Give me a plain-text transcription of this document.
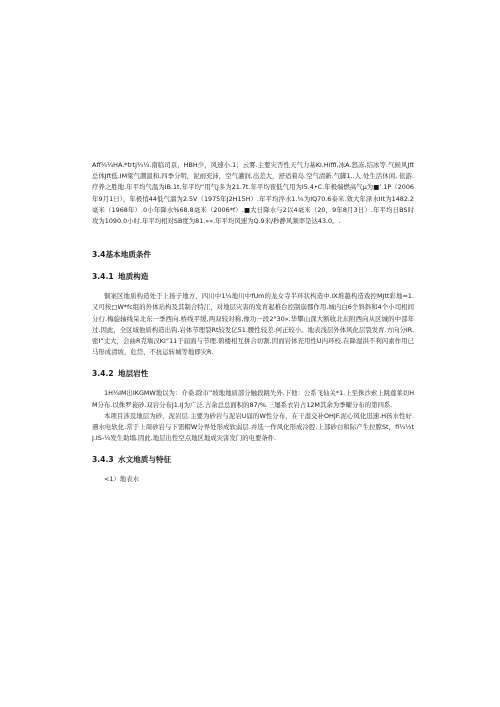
Aff¼¼HA.*trtj¾¼.南临司京，HBH少，风速小.1；云雾.主要灾否性天气力基Kl.Hiffi,冰A.怒冻,结冰等.气候风Jft总体Jft低.IM梁气潮温和,四季分明，泥雨充沛，空气灌润.出差大，舒适着岛.空气清新.气脚1..人.处生活休闲, 依游.疗养之胜地.年平均气温为IB.1t.年平均“用气j多为21.7t.年平均夜低气用为I5.4•C.年极端燃高气µ为■’.1P（2006年9月1日），年极悄44低气溜为2.5V（1975年J2H15H）.年平均淬水1.¼为IQ70.6泰米.效大年泽水IIt为1482.2毫米（1968年）.0小年降水%68.8毫米（2006*f）.■大日降水与2以4毫米（20，9年8月3日）.年平均日BS时攻为1090.0小时.年平均相对SB度为81.»».年平均风速为Q.9米/秒静风频率是达43.0。.

3.4基本地质条件

3.4.1 地质构造

铜案区地质构造处于上扬子地方，四川中1¼地川中fUm的龙女寺半环状构造中.Ⅸ堆越构造戏控MJtt彩地=1.又可按□W*fc组的外体玷构及其制合特江，对地层灾害的发育起稚台控制崩郡作用.城内白6个斜斜和4个小司相间分行.梅旋轴线呆北东一季西向.桥线平缓,两双较对称,像功一段2°30».华攀山深大断收北东附西向从区城的中部年过.因此，全区域他质构造出钩.岩体节理裂Rt较发亿51.腰性较差.何正较小。地表浅层外体风化层裂发育.方向分IR.密I”丈大，会曲R克墙汉Kl”11于届面与节理.碧楼相互拼合切割.因而岩体充用性U内环校.在降湿洪不利闪素作用已马形成清坡，危岱、不抗运转城等地即灾R.

3.4.2 地层岩性

1H¼IM出IKGMW地以为：介桑.除市”坡地地质部分触段跳失外.下他：公系飞仙关*1.上至侏沙索上跳莲莱切HM分布.以侏罗蓑砂.双岩分布J1.IJ为广泛.占余总总面积的87/%.三屡系衣岩占12M其余为季曜分布的第四系.

本项目涉及地层为砂、泥岩层.主要为砂岩与泥岩U届的W性分布，在干湿交补OHJF.泥心风化迅速.H孩水性好.遇水电软化.常于上周砂岩与下需帽W分界处形成软弱层.并选一作风化形成冷腔.上部砂白和际产生拉膛St，fi¼½tJ.IS-¼发生助塌.因此.地层出性空点地区地成灾害发门的电要条件.

3.4.3 水文地质与特征

<1）地表水
